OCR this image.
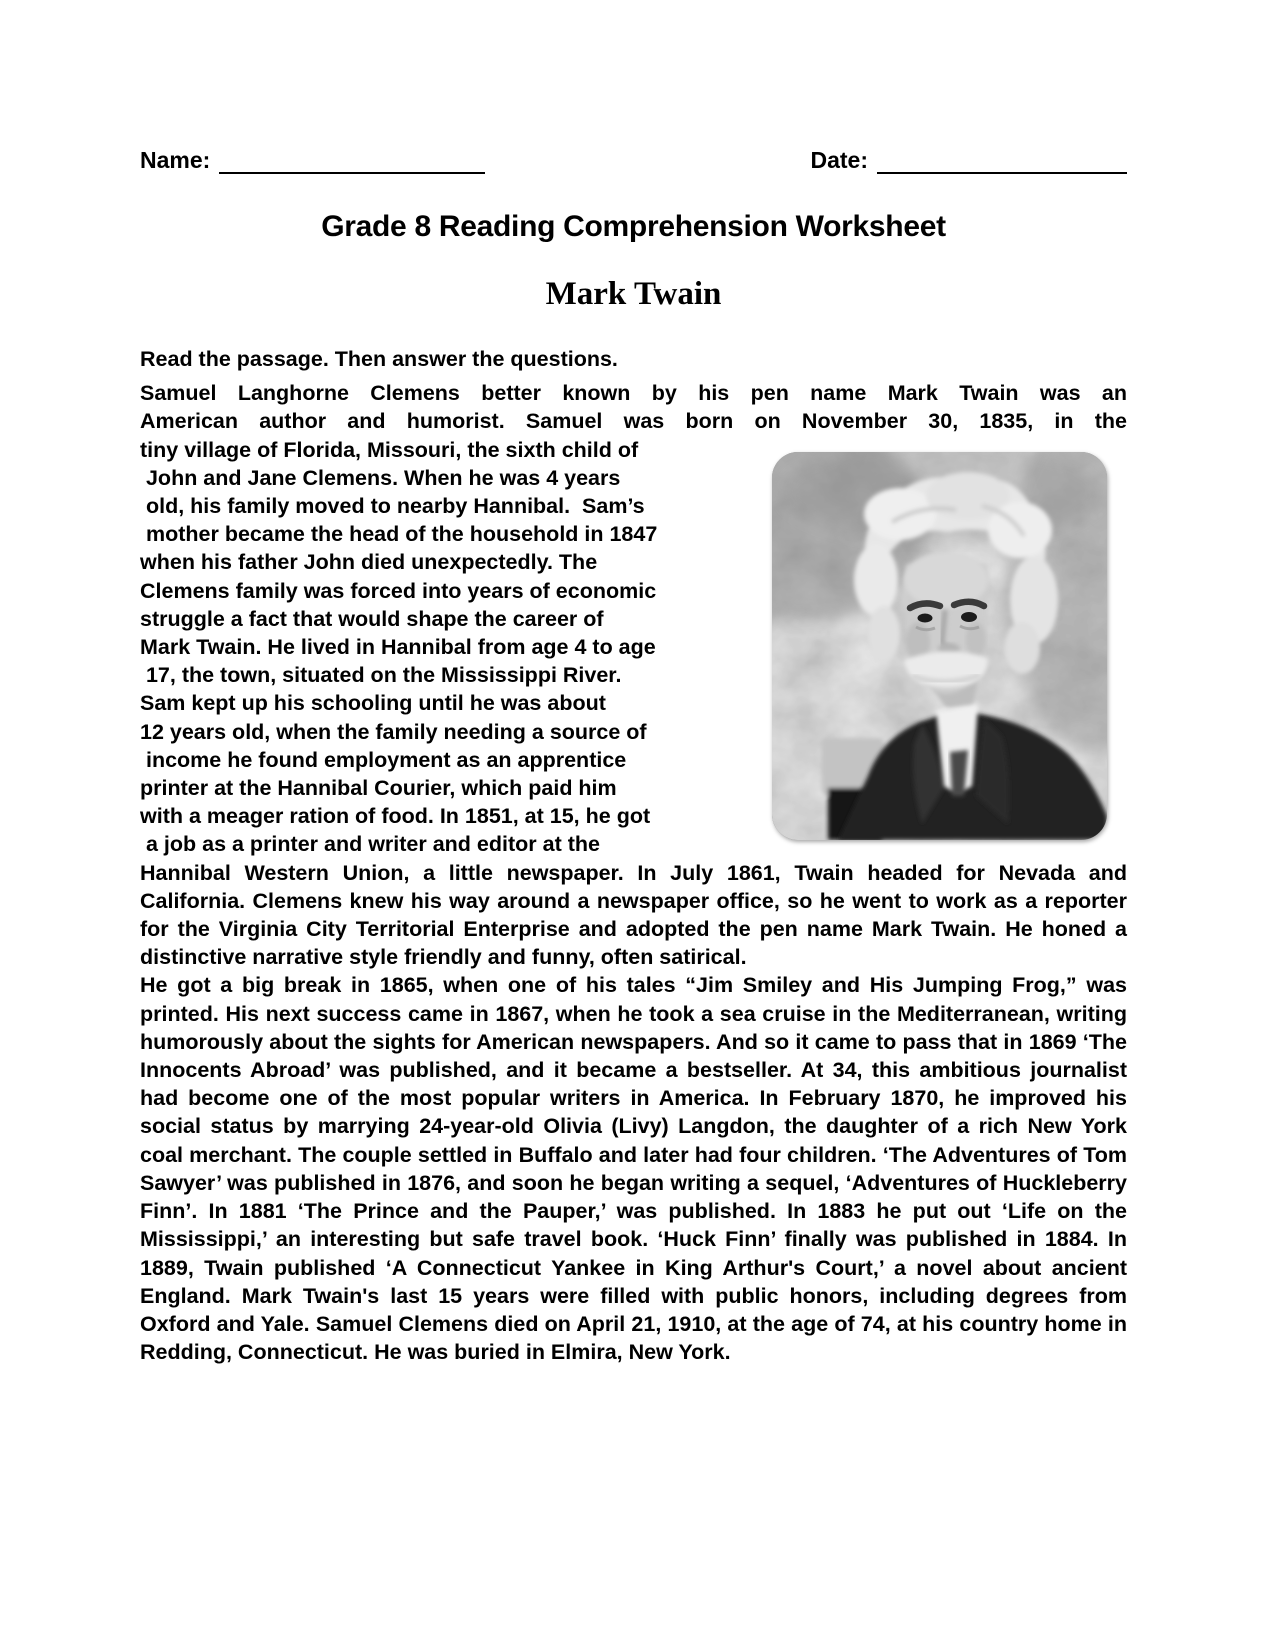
Name:	Date:
Grade 8 Reading Comprehension Worksheet
Mark Twain
Read the passage. Then answer the questions.
Samuel Langhorne Clemens better known by his pen name Mark Twain was an
American author and humorist. Samuel was born on November 30, 1835, in the
tiny village of Florida, Missouri, the sixth child of
John and Jane Clemens. When he was 4 years
old, his family moved to nearby Hannibal.  Sam’s
mother became the head of the household in 1847
when his father John died unexpectedly. The
Clemens family was forced into years of economic
struggle a fact that would shape the career of
Mark Twain. He lived in Hannibal from age 4 to age
17, the town, situated on the Mississippi River.
Sam kept up his schooling until he was about
12 years old, when the family needing a source of
income he found employment as an apprentice
printer at the Hannibal Courier, which paid him
with a meager ration of food. In 1851, at 15, he got
a job as a printer and writer and editor at the

Hannibal Western Union, a little newspaper. In July 1861, Twain headed for Nevada and California. Clemens knew his way around a newspaper office, so he went to work as a reporter for the Virginia City Territorial Enterprise and adopted the pen name Mark Twain. He honed a distinctive narrative style friendly and funny, often satirical.

He got a big break in 1865, when one of his tales “Jim Smiley and His Jumping Frog,” was printed. His next success came in 1867, when he took a sea cruise in the Mediterranean, writing humorously about the sights for American newspapers. And so it came to pass that in 1869 ‘The Innocents Abroad’ was published, and it became a bestseller. At 34, this ambitious journalist had become one of the most popular writers in America. In February 1870, he improved his social status by marrying 24-year-old Olivia (Livy) Langdon, the daughter of a rich New York coal merchant. The couple settled in Buffalo and later had four children. ‘The Adventures of Tom Sawyer’ was published in 1876, and soon he began writing a sequel, ‘Adventures of Huckleberry Finn’. In 1881 ‘The Prince and the Pauper,’ was published. In 1883 he put out ‘Life on the Mississippi,’ an interesting but safe travel book. ‘Huck Finn’ finally was published in 1884. In 1889, Twain published ‘A Connecticut Yankee in King Arthur's Court,’ a novel about ancient England. Mark Twain's last 15 years were filled with public honors, including degrees from Oxford and Yale. Samuel Clemens died on April 21, 1910, at the age of 74, at his country home in Redding, Connecticut. He was buried in Elmira, New York.
